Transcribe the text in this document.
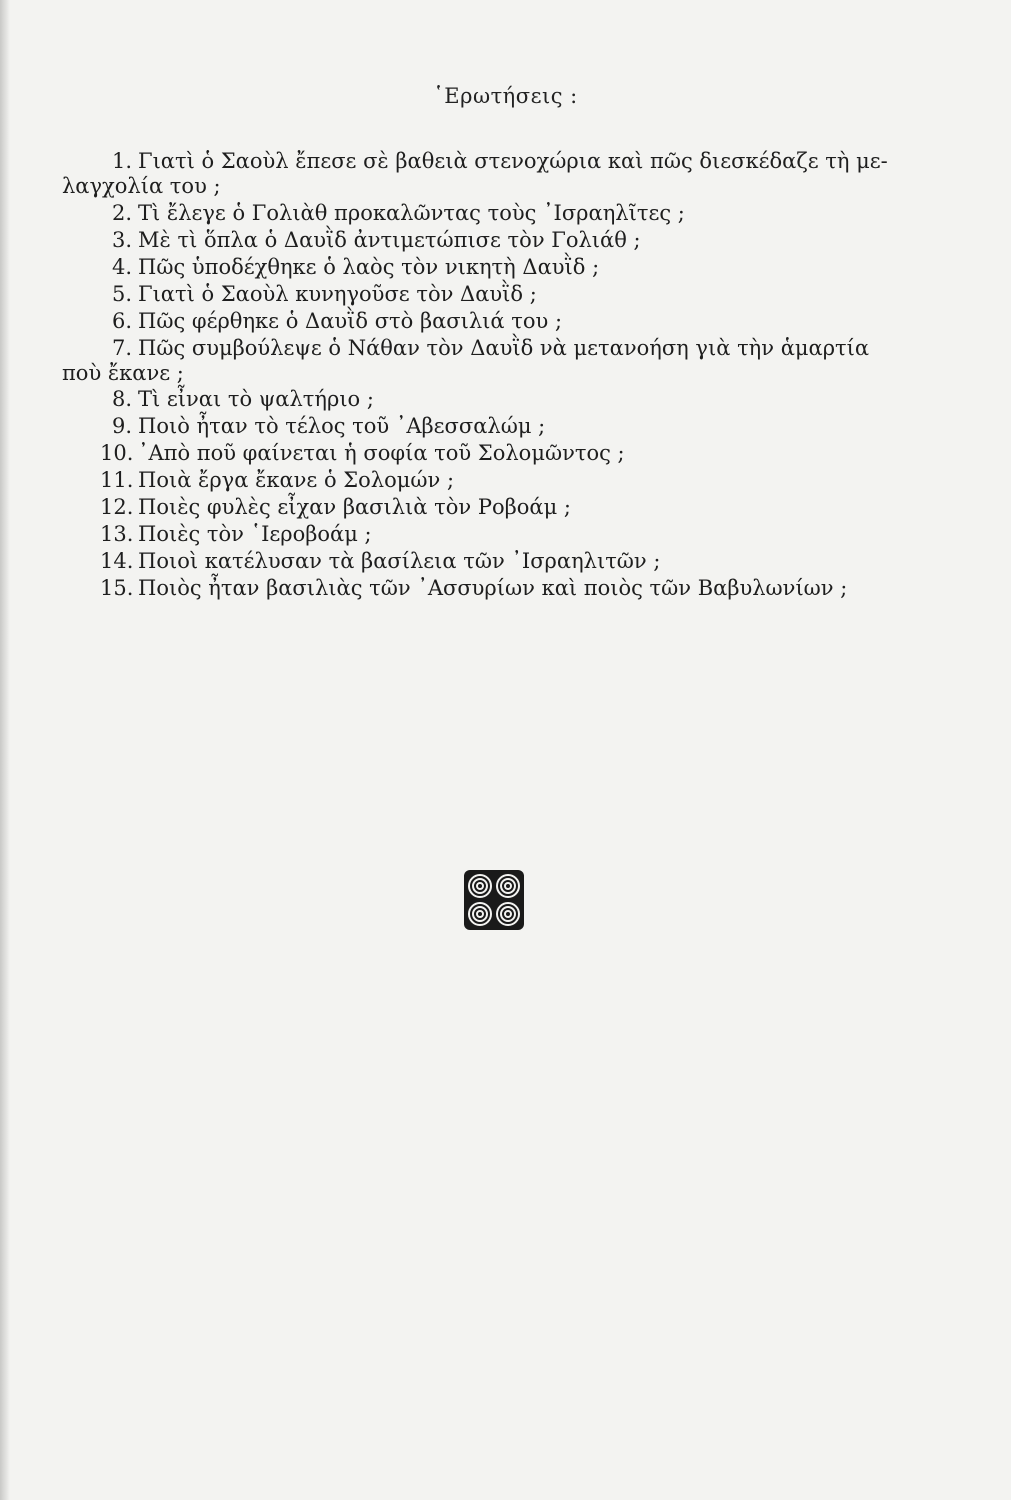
῾Ερωτήσεις :
1. Γιατὶ ὁ Σαοὺλ ἔπεσε σὲ βαθειὰ στενοχώρια καὶ πῶς διεσκέδαζε τὴ με-
λαγχολία του ;
2. Τὶ ἔλεγε ὁ Γολιὰθ προκαλῶντας τοὺς ᾿Ισραηλῖτες ;
3. Μὲ τὶ ὅπλα ὁ Δαυῒδ ἀντιμετώπισε τὸν Γολιάθ ;
4. Πῶς ὑποδέχθηκε ὁ λαὸς τὸν νικητὴ Δαυῒδ ;
5. Γιατὶ ὁ Σαοὺλ κυνηγοῦσε τὸν Δαυῒδ ;
6. Πῶς φέρθηκε ὁ Δαυῒδ στὸ βασιλιά του ;
7. Πῶς συμβούλεψε ὁ Νάθαν τὸν Δαυῒδ νὰ μετανοήση γιὰ τὴν ἁμαρτία
ποὺ ἔκανε ;
8. Τὶ εἶναι τὸ ψαλτήριο ;
9. Ποιὸ ἦταν τὸ τέλος τοῦ ᾿Αβεσσαλώμ ;
10. ᾿Απὸ ποῦ φαίνεται ἡ σοφία τοῦ Σολομῶντος ;
11. Ποιὰ ἔργα ἔκανε ὁ Σολομών ;
12. Ποιὲς φυλὲς εἶχαν βασιλιὰ τὸν Ροβοάμ ;
13. Ποιὲς τὸν ῾Ιεροβοάμ ;
14. Ποιοὶ κατέλυσαν τὰ βασίλεια τῶν ᾿Ισραηλιτῶν ;
15. Ποιὸς ἦταν βασιλιὰς τῶν ᾿Ασσυρίων καὶ ποιὸς τῶν Βαβυλωνίων ;
